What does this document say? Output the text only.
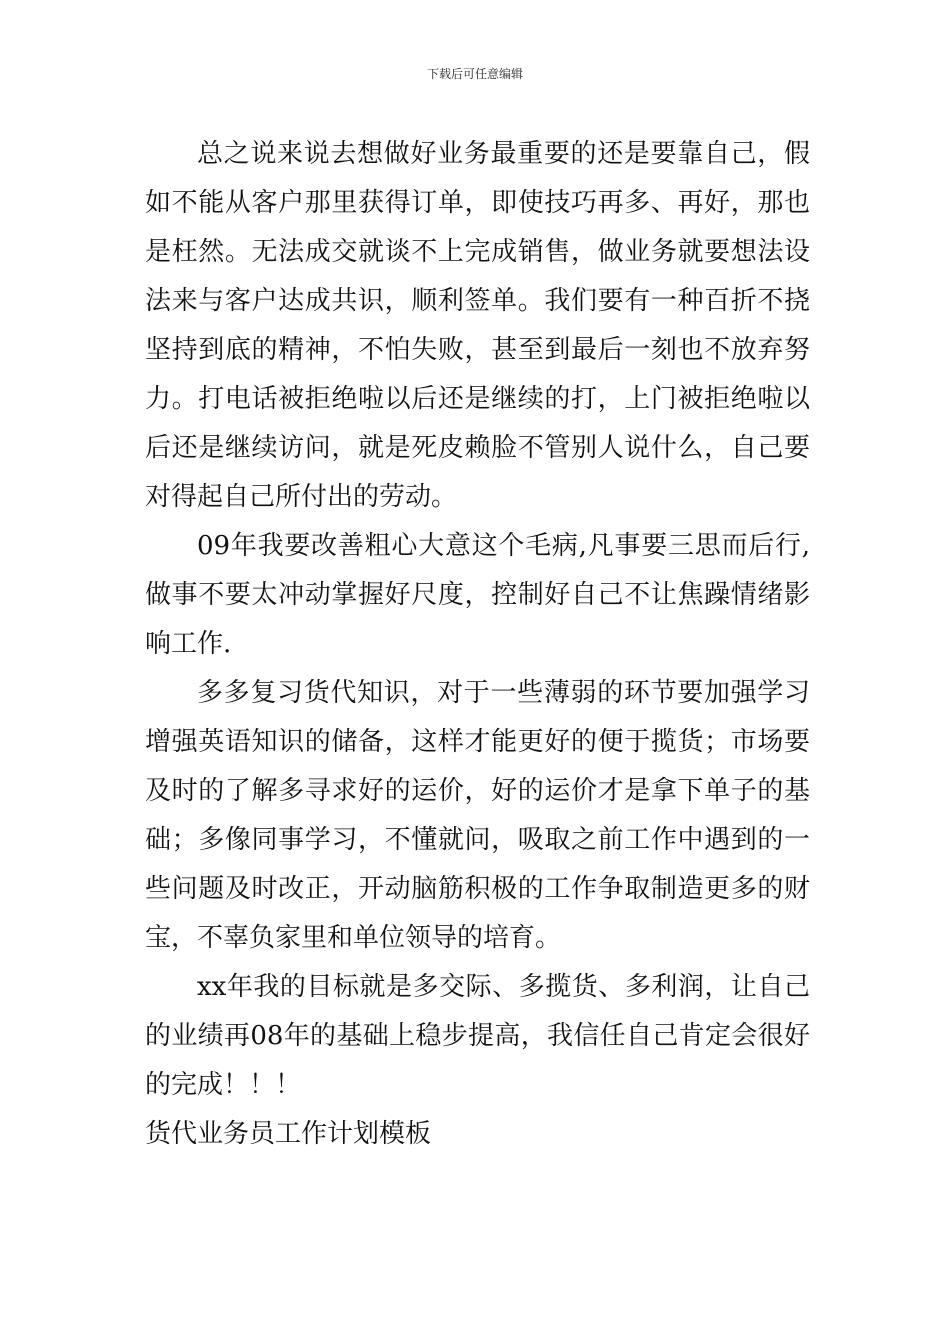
下载后可任意编辑

总之说来说去想做好业务最重要的还是要靠自己，假如不能从客户那里获得订单，即使技巧再多、再好，那也是枉然。无法成交就谈不上完成销售，做业务就要想法设法来与客户达成共识，顺利签单。我们要有一种百折不挠坚持到底的精神，不怕失败，甚至到最后一刻也不放弃努力。打电话被拒绝啦以后还是继续的打，上门被拒绝啦以后还是继续访问，就是死皮赖脸不管别人说什么，自己要对得起自己所付出的劳动。

09年我要改善粗心大意这个毛病,凡事要三思而后行,做事不要太冲动掌握好尺度，控制好自己不让焦躁情绪影响工作.

多多复习货代知识，对于一些薄弱的环节要加强学习增强英语知识的储备，这样才能更好的便于揽货；市场要及时的了解多寻求好的运价，好的运价才是拿下单子的基础；多像同事学习，不懂就问，吸取之前工作中遇到的一些问题及时改正，开动脑筋积极的工作争取制造更多的财宝，不辜负家里和单位领导的培育。

xx年我的目标就是多交际、多揽货、多利润，让自己的业绩再08年的基础上稳步提高，我信任自己肯定会很好的完成！！！

货代业务员工作计划模板
